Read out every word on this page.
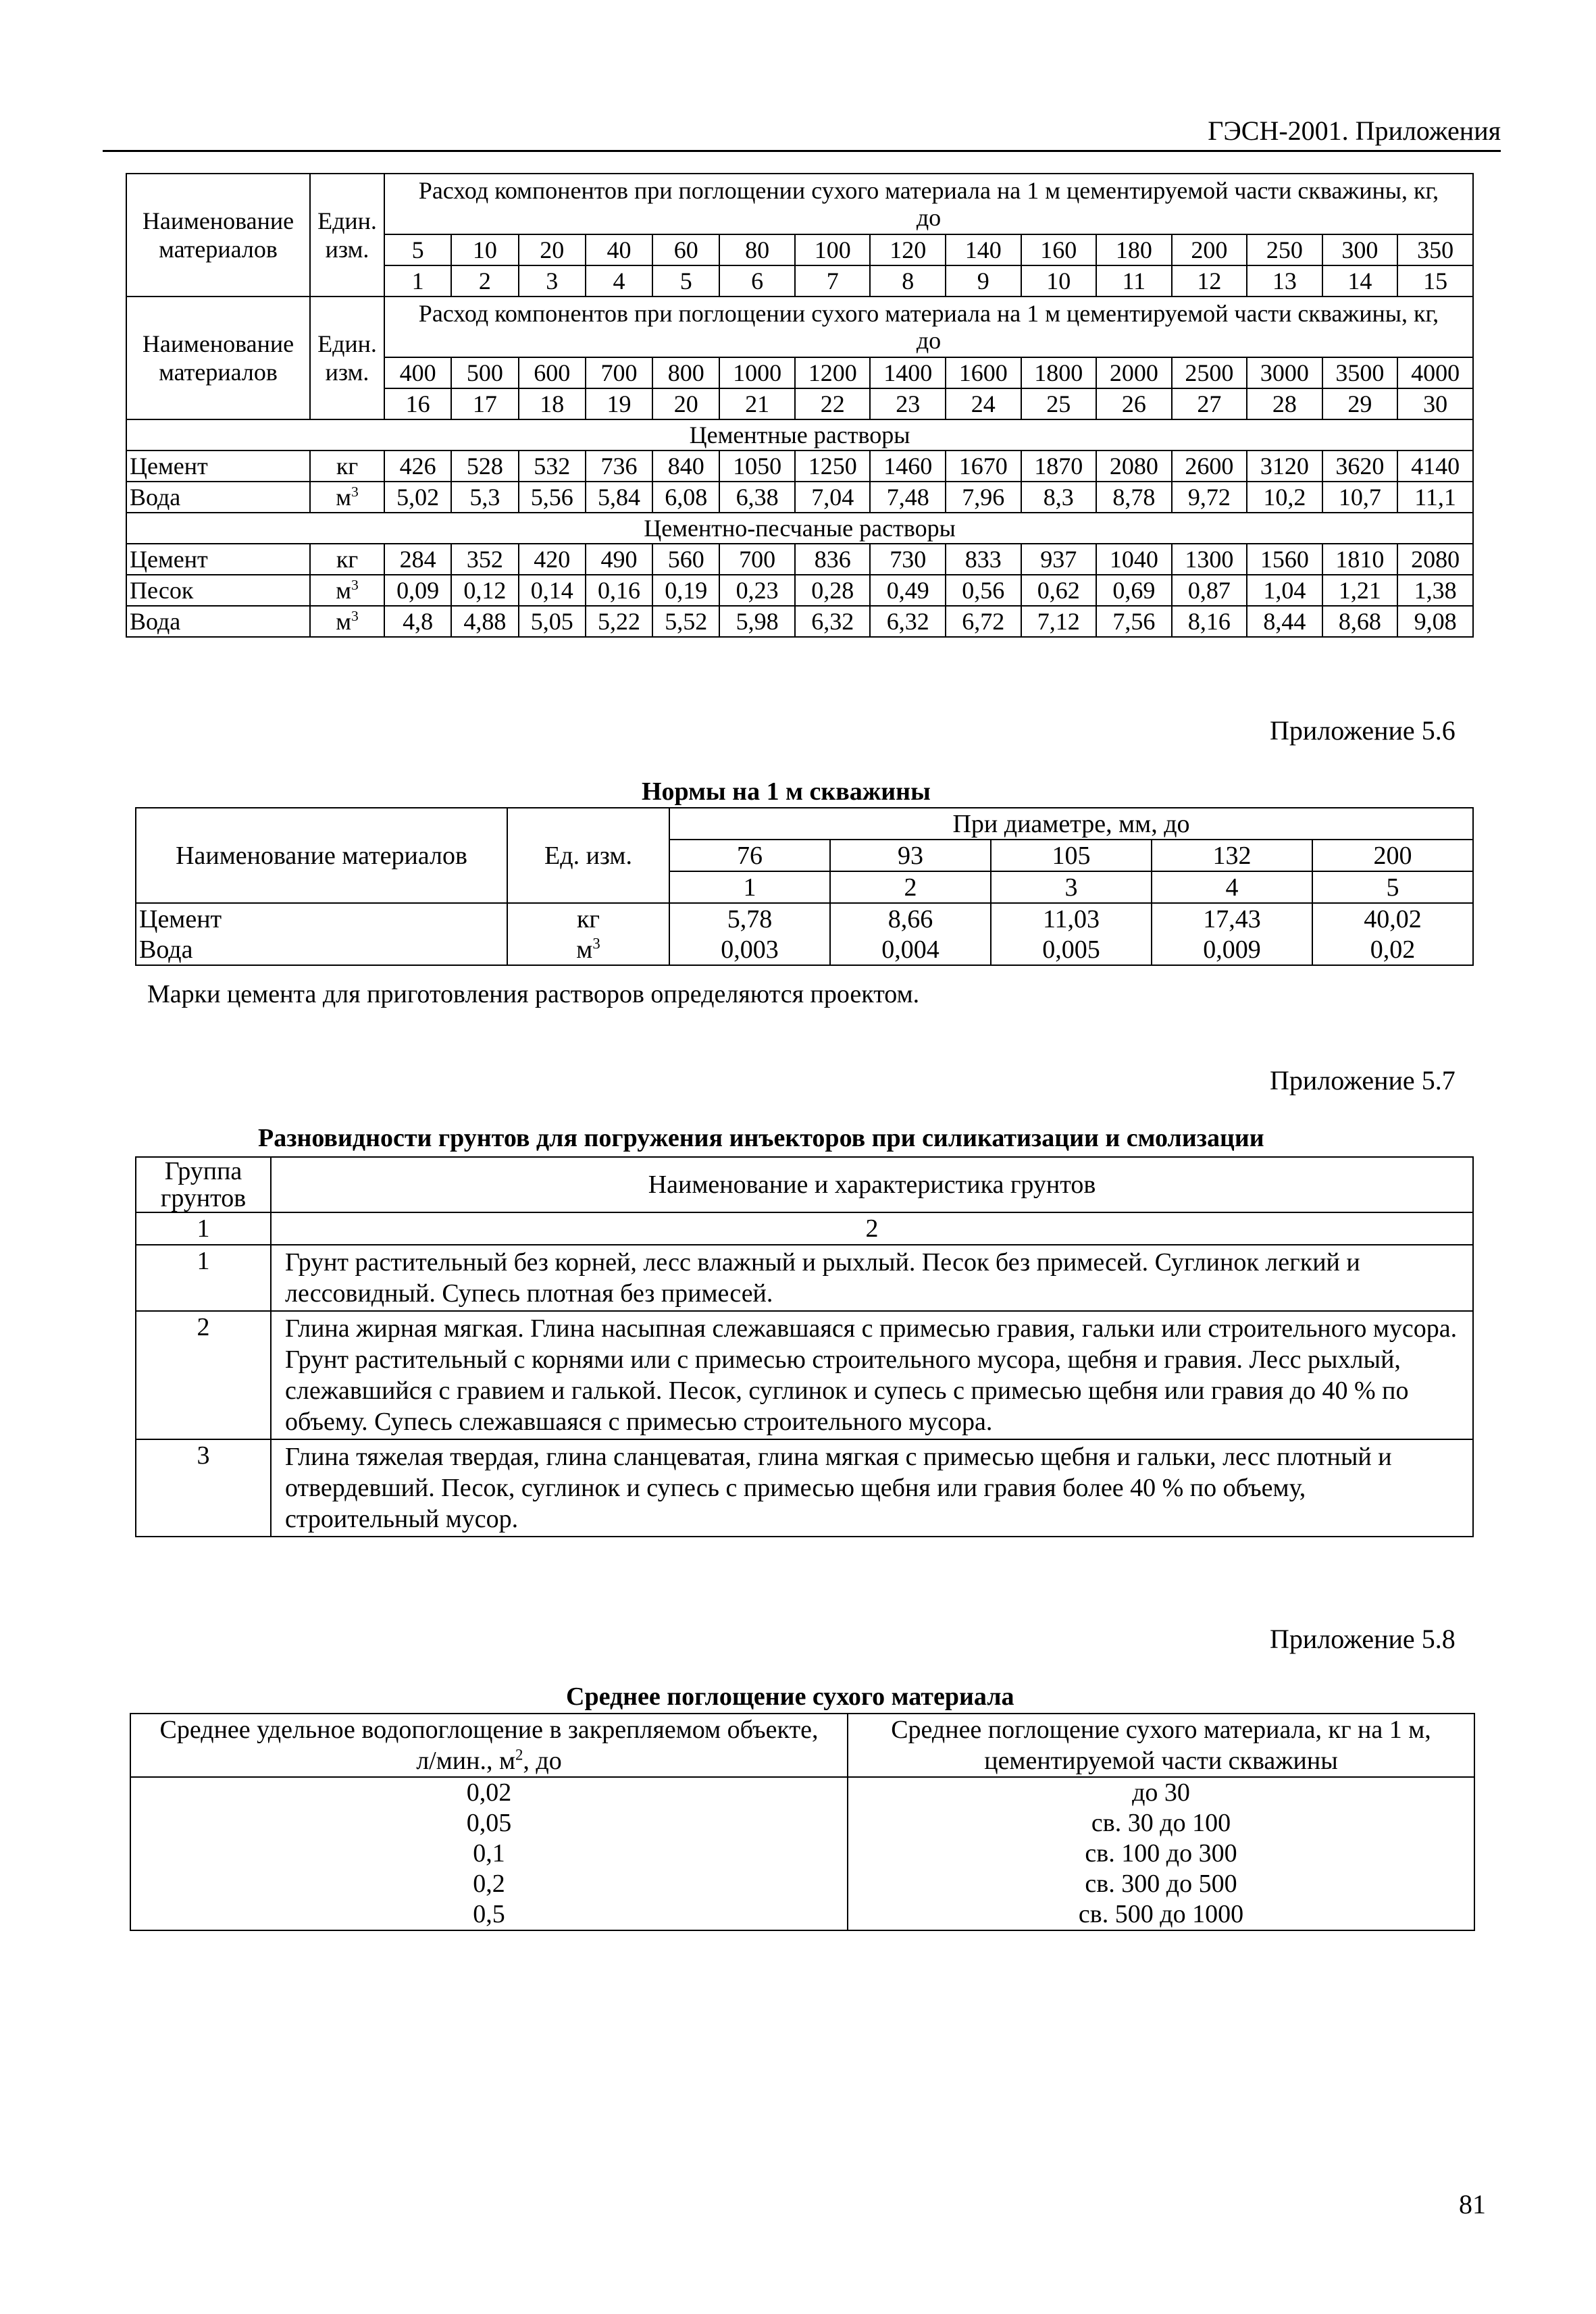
ГЭСН-2001. Приложения
Наименование материалов	Един. изм.	Расход компонентов при поглощении сухого материала на 1 м цементируемой части скважины, кг, до														
		5	10	20	40	60	80	100	120	140	160	180	200	250	300	350
		1	2	3	4	5	6	7	8	9	10	11	12	13	14	15
Наименование материалов	Един. изм.	Расход компонентов при поглощении сухого материала на 1 м цементируемой части скважины, кг, до														
		400	500	600	700	800	1000	1200	1400	1600	1800	2000	2500	3000	3500	4000
		16	17	18	19	20	21	22	23	24	25	26	27	28	29	30
Цементные растворы																
Цемент	кг	426	528	532	736	840	1050	1250	1460	1670	1870	2080	2600	3120	3620	4140
Вода	$м^3$	5,02	5,3	5,56	5,84	6,08	6,38	7,04	7,48	7,96	8,3	8,78	9,72	10,2	10,7	11,1
Цементно-песчаные растворы																
Цемент	кг	284	352	420	490	560	700	836	730	833	937	1040	1300	1560	1810	2080
Песок	$м^3$	0,09	0,12	0,14	0,16	0,19	0,23	0,28	0,49	0,56	0,62	0,69	0,87	1,04	1,21	1,38
Вода	$м^3$	4,8	4,88	5,05	5,22	5,52	5,98	6,32	6,32	6,72	7,12	7,56	8,16	8,44	8,68	9,08
Приложение 5.6
Нормы на 1 м скважины
Наименование материалов	Ед. изм.	При диаметре, мм, до				
		76	93	105	132	200
		1	2	3	4	5
Цемент	кг	5,78	8,66	11,03	17,43	40,02
Вода	$м^3$	0,003	0,004	0,005	0,009	0,02
Марки цемента для приготовления растворов определяются проектом.
Приложение 5.7
Разновидности грунтов для погружения инъекторов при силикатизации и смолизации
Группа грунтов	Наименование и характеристика грунтов
1	2
1	Грунт растительный без корней, лесс влажный и рыхлый. Песок без примесей. Суглинок легкий и лессовидный. Супесь плотная без примесей.
2	Глина жирная мягкая. Глина насыпная слежавшаяся с примесью гравия, гальки или строительного мусора. Грунт растительный с корнями или с примесью строительного мусора, щебня и гравия. Лесс рыхлый, слежавшийся с гравием и галькой. Песок, суглинок и супесь с примесью щебня или гравия до 40 % по объему. Супесь слежавшаяся с примесью строительного мусора.
3	Глина тяжелая твердая, глина сланцеватая, глина мягкая с примесью щебня и гальки, лесс плотный и отвердевший. Песок, суглинок и супесь с примесью щебня или гравия более 40 % по объему, строительный мусор.
Приложение 5.8
Среднее поглощение сухого материала
Среднее удельное водопоглощение в закрепляемом объекте, л/мин., $м^2$, до	Среднее поглощение сухого материала, кг на 1 м, цементируемой части скважины
0,02	до 30
0,05	св. 30 до 100
0,1	св. 100 до 300
0,2	св. 300 до 500
0,5	св. 500 до 1000
81
